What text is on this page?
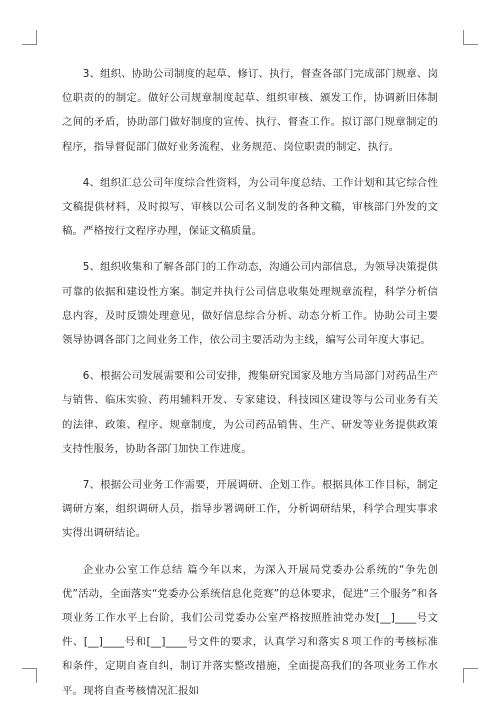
3、组织、协助公司制度的起草、修订、执行，督查各部门完成部门规章、岗位职责的的制定。做好公司规章制度起草、组织审核、颁发工作，协调新旧体制之间的矛盾，协助部门做好制度的宣传、执行、督查工作。拟订部门规章制定的程序，指导督促部门做好业务流程、业务规范、岗位职责的制定、执行。

4、组织汇总公司年度综合性资料，为公司年度总结、工作计划和其它综合性文稿提供材料，及时拟写、审核以公司名义制发的各种文稿，审核部门外发的文稿。严格按行文程序办理，保证文稿质量。

5、组织收集和了解各部门的工作动态，沟通公司内部信息，为领导决策提供可靠的依据和建设性方案。制定并执行公司信息收集处理规章流程，科学分析信息内容，及时反馈处理意见，做好信息综合分析、动态分析工作。协助公司主要领导协调各部门之间业务工作，依公司主要活动为主线，编写公司年度大事记。

6、根据公司发展需要和公司安排，搜集研究国家及地方当局部门对药品生产与销售、临床实验、药用辅料开发、专家建设、科技园区建设等与公司业务有关的法律、政策、程序、规章制度，为公司药品销售、生产、研发等业务提供政策支持性服务，协助各部门加快工作进度。

7、根据公司业务工作需要，开展调研、企划工作。根据具体工作目标，制定调研方案，组织调研人员，指导步署调研工作，分析调研结果，科学合理实事求实得出调研结论。

企业办公室工作总结 篇今年以来，为深入开展局党委办公系统的“争先创优”活动，全面落实“党委办公系统信息化竞赛”的总体要求，促进“三个服务”和各项业务工作水平上台阶，我们公司党委办公室严格按照胜油党办发[__]____号文件、[__]____号和[__]____号文件的要求，认真学习和落实８项工作的考核标准和条件，定期自查自纠，制订并落实整改措施，全面提高我们的各项业务工作水平。现将自查考核情况汇报如
